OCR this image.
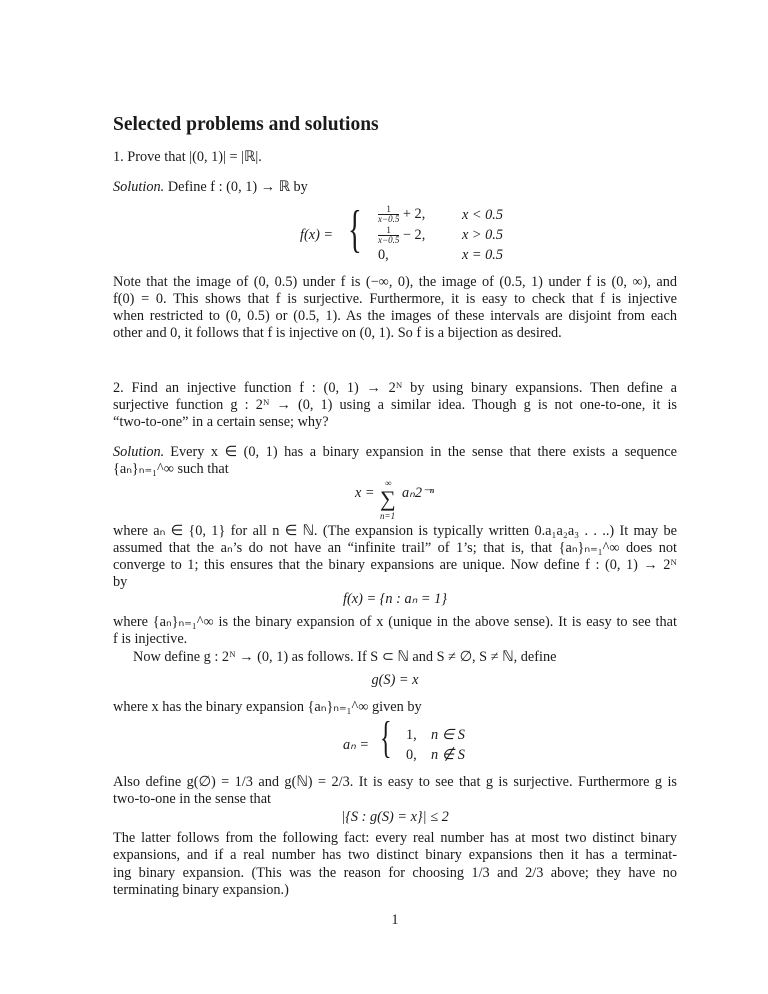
Selected problems and solutions
1. Prove that |(0, 1)| = |ℝ|.
Solution. Define f : (0, 1) → ℝ by
f(x) = { $\frac{1}{x-0.5} + 2$,	x < 0.5
$\frac{1}{x-0.5} - 2$,	x > 0.5
0,	x = 0.5
Note that the image of (0, 0.5) under f is (−∞, 0), the image of (0.5, 1) under f is (0, ∞), and
f(0) = 0. This shows that f is surjective. Furthermore, it is easy to check that f is injective
when restricted to (0, 0.5) or (0.5, 1). As the images of these intervals are disjoint from each
other and 0, it follows that f is injective on (0, 1). So f is a bijection as desired.
2. Find an injective function f : (0, 1) → 2ᴺ by using binary expansions. Then define a
surjective function g : 2ᴺ → (0, 1) using a similar idea. Though g is not one-to-one, it is
“two-to-one” in a certain sense; why?
Solution. Every x ∈ (0, 1) has a binary expansion in the sense that there exists a sequence
{aₙ}ₙ₌₁^∞ such that
x =
∞
∑
n=1
aₙ2⁻ⁿ
where aₙ ∈ {0, 1} for all n ∈ ℕ. (The expansion is typically written 0.a₁a₂a₃ . . ..) It may be
assumed that the aₙ’s do not have an “infinite trail” of 1’s; that is, that {aₙ}ₙ₌₁^∞ does not
converge to 1; this ensures that the binary expansions are unique. Now define f : (0, 1) → 2ᴺ
by
f(x) = {n : aₙ = 1}
where {aₙ}ₙ₌₁^∞ is the binary expansion of x (unique in the above sense). It is easy to see that
f is injective.
Now define g : 2ᴺ → (0, 1) as follows. If S ⊂ ℕ and S ≠ ∅, S ≠ ℕ, define
g(S) = x
where x has the binary expansion {aₙ}ₙ₌₁^∞ given by
aₙ = { 1, n ∈ S
0, n ∉ S
Also define g(∅) = 1/3 and g(ℕ) = 2/3. It is easy to see that g is surjective. Furthermore g is
two-to-one in the sense that
|{S : g(S) = x}| ≤ 2
The latter follows from the following fact: every real number has at most two distinct binary
expansions, and if a real number has two distinct binary expansions then it has a terminat-
ing binary expansion. (This was the reason for choosing 1/3 and 2/3 above; they have no
terminating binary expansion.)
1
